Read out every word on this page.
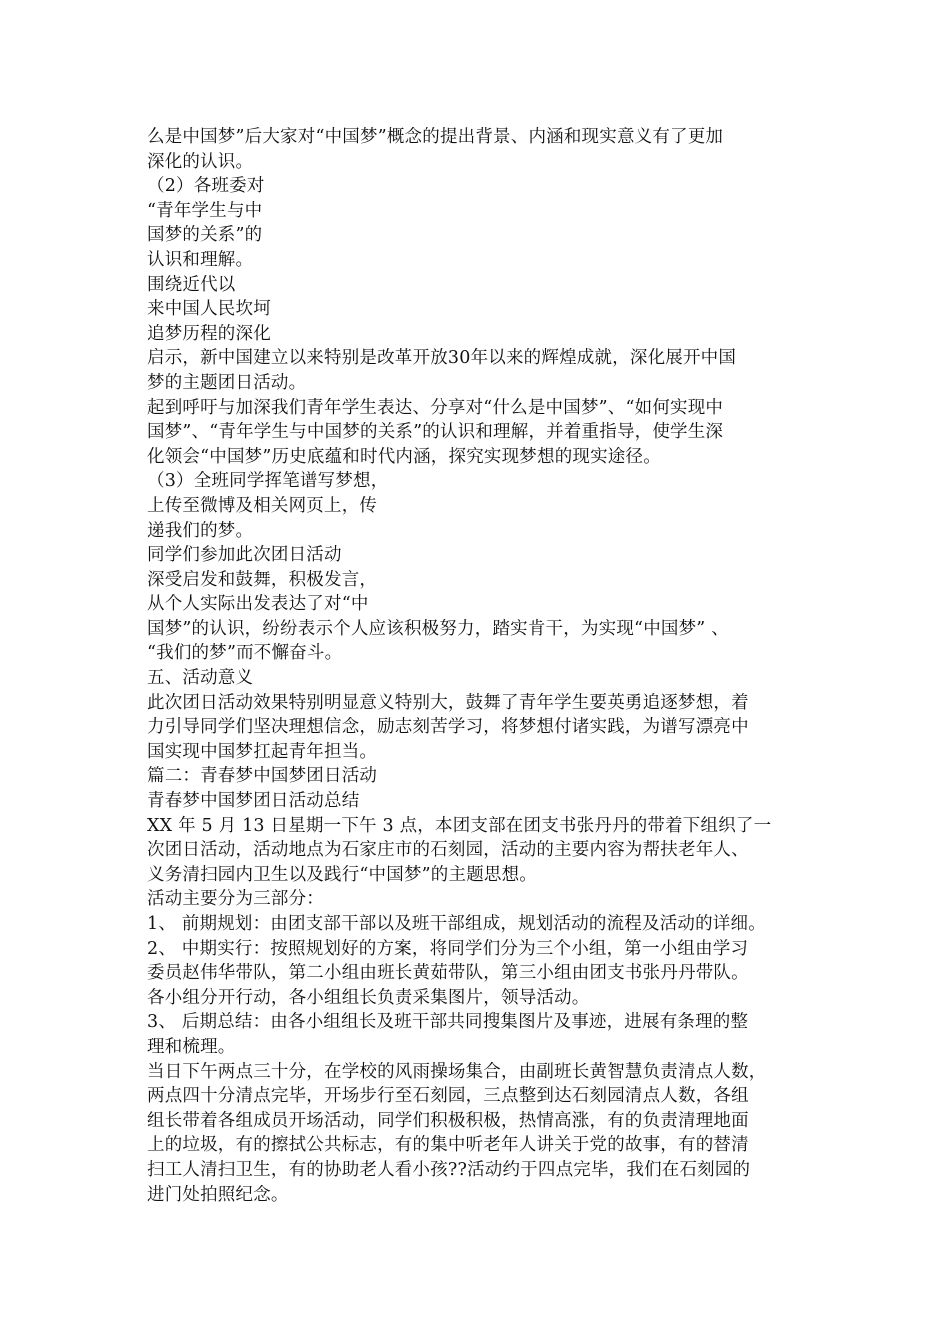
么是中国梦”后大家对“中国梦”概念的提出背景、内涵和现实意义有了更加
深化的认识。
（2）各班委对
“青年学生与中
国梦的关系”的
认识和理解。
围绕近代以
来中国人民坎坷
追梦历程的深化
启示，新中国建立以来特别是改革开放30年以来的辉煌成就，深化展开中国
梦的主题团日活动。
起到呼吁与加深我们青年学生表达、分享对“什么是中国梦”、“如何实现中
国梦”、“青年学生与中国梦的关系”的认识和理解，并着重指导，使学生深
化领会“中国梦”历史底蕴和时代内涵，探究实现梦想的现实途径。
（3）全班同学挥笔谱写梦想，
上传至微博及相关网页上，传
递我们的梦。
同学们参加此次团日活动
深受启发和鼓舞，积极发言，
从个人实际出发表达了对“中
国梦”的认识，纷纷表示个人应该积极努力，踏实肯干，为实现“中国梦” 、
“我们的梦”而不懈奋斗。
五、活动意义
此次团日活动效果特别明显意义特别大，鼓舞了青年学生要英勇追逐梦想，着
力引导同学们坚决理想信念，励志刻苦学习，将梦想付诸实践，为谱写漂亮中
国实现中国梦扛起青年担当。
篇二：青春梦中国梦团日活动
青春梦中国梦团日活动总结
XX 年 5 月 13 日星期一下午 3 点，本团支部在团支书张丹丹的带着下组织了一
次团日活动，活动地点为石家庄市的石刻园，活动的主要内容为帮扶老年人、
义务清扫园内卫生以及践行“中国梦”的主题思想。
活动主要分为三部分：
1、 前期规划：由团支部干部以及班干部组成，规划活动的流程及活动的详细。
2、 中期实行：按照规划好的方案，将同学们分为三个小组，第一小组由学习
委员赵伟华带队，第二小组由班长黄茹带队，第三小组由团支书张丹丹带队。
各小组分开行动，各小组组长负责采集图片，领导活动。
3、 后期总结：由各小组组长及班干部共同搜集图片及事迹，进展有条理的整
理和梳理。
当日下午两点三十分，在学校的风雨操场集合，由副班长黄智慧负责清点人数，
两点四十分清点完毕，开场步行至石刻园，三点整到达石刻园清点人数，各组
组长带着各组成员开场活动，同学们积极积极，热情高涨，有的负责清理地面
上的垃圾，有的擦拭公共标志，有的集中听老年人讲关于党的故事，有的替清
扫工人清扫卫生，有的协助老人看小孩??活动约于四点完毕，我们在石刻园的
进门处拍照纪念。
